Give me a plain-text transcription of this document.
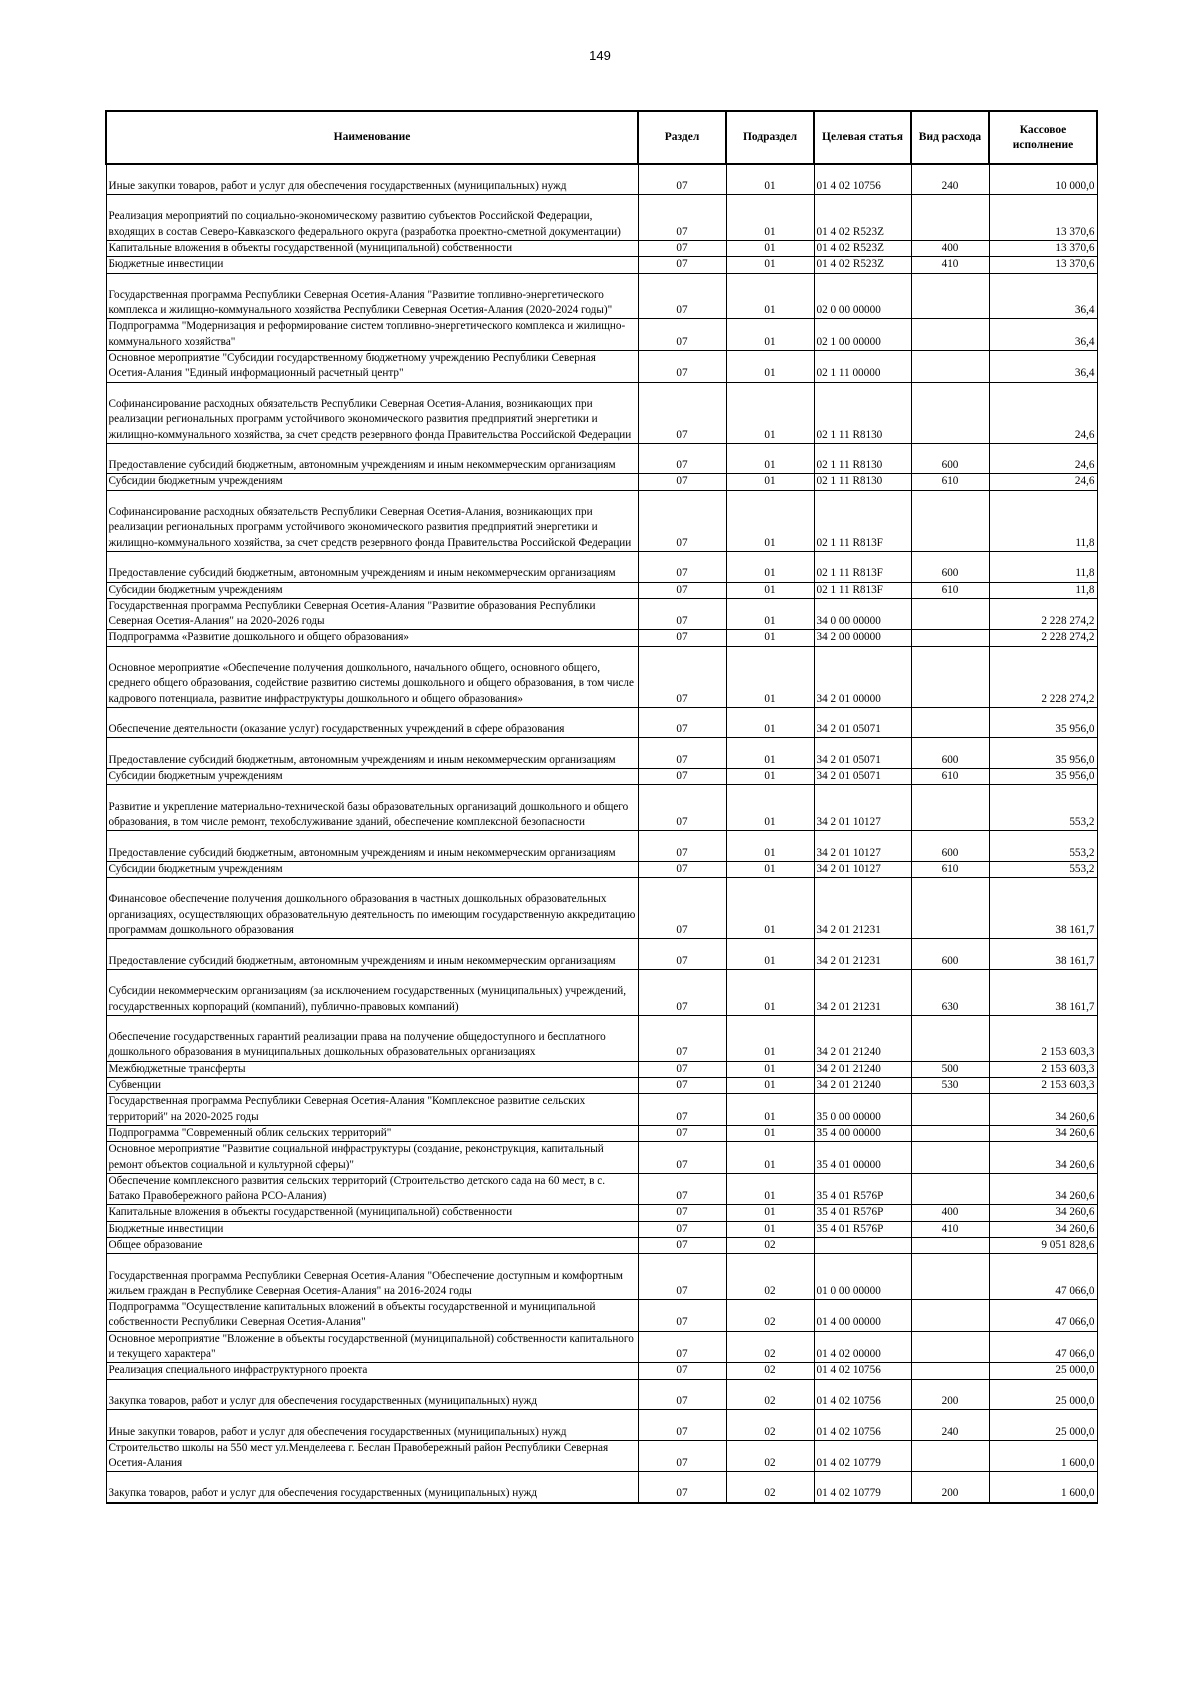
149
Наименование	Раздел	Подраздел	Целевая статья	Вид расхода	Кассовое исполнение
Иные закупки товаров, работ и услуг для обеспечения государственных (муниципальных) нужд	07	01	01 4 02 10756	240	10 000,0
Реализация мероприятий по социально-экономическому развитию субъектов Российской Федерации, входящих в состав Северо-Кавказского федерального округа (разработка проектно-сметной документации)	07	01	01 4 02 R523Z		13 370,6
Капитальные вложения в объекты государственной (муниципальной) собственности	07	01	01 4 02 R523Z	400	13 370,6
Бюджетные инвестиции	07	01	01 4 02 R523Z	410	13 370,6
Государственная программа Республики Северная Осетия-Алания "Развитие топливно-энергетического комплекса и жилищно-коммунального хозяйства Республики Северная Осетия-Алания (2020-2024 годы)"	07	01	02 0 00 00000		36,4
Подпрограмма "Модернизация и реформирование систем топливно-энергетического комплекса и жилищно-коммунального хозяйства"	07	01	02 1 00 00000		36,4
Основное мероприятие "Субсидии государственному бюджетному учреждению Республики Северная Осетия-Алания "Единый информационный расчетный центр"	07	01	02 1 11 00000		36,4
Софинансирование расходных обязательств Республики Северная Осетия-Алания, возникающих при реализации региональных программ устойчивого экономического развития предприятий энергетики и жилищно-коммунального хозяйства, за счет средств резервного фонда Правительства Российской Федерации	07	01	02 1 11 R8130		24,6
Предоставление субсидий бюджетным, автономным учреждениям и иным некоммерческим организациям	07	01	02 1 11 R8130	600	24,6
Субсидии бюджетным учреждениям	07	01	02 1 11 R8130	610	24,6
Софинансирование расходных обязательств Республики Северная Осетия-Алания, возникающих при реализации региональных программ устойчивого экономического развития предприятий энергетики и жилищно-коммунального хозяйства, за счет средств резервного фонда Правительства Российской Федерации	07	01	02 1 11 R813F		11,8
Предоставление субсидий бюджетным, автономным учреждениям и иным некоммерческим организациям	07	01	02 1 11 R813F	600	11,8
Субсидии бюджетным учреждениям	07	01	02 1 11 R813F	610	11,8
Государственная программа Республики Северная Осетия-Алания "Развитие образования Республики Северная Осетия-Алания" на 2020-2026 годы	07	01	34 0 00 00000		2 228 274,2
Подпрограмма «Развитие дошкольного и общего образования»	07	01	34 2 00 00000		2 228 274,2
Основное мероприятие «Обеспечение получения дошкольного, начального общего, основного общего, среднего общего образования, содействие развитию системы дошкольного и общего образования, в том числе кадрового потенциала, развитие инфраструктуры дошкольного и общего образования»	07	01	34 2 01 00000		2 228 274,2
Обеспечение деятельности (оказание услуг) государственных учреждений в сфере образования	07	01	34 2 01 05071		35 956,0
Предоставление субсидий бюджетным, автономным учреждениям и иным некоммерческим организациям	07	01	34 2 01 05071	600	35 956,0
Субсидии бюджетным учреждениям	07	01	34 2 01 05071	610	35 956,0
Развитие и укрепление материально-технической базы образовательных организаций дошкольного и общего образования, в том числе ремонт, техобслуживание зданий, обеспечение комплексной безопасности	07	01	34 2 01 10127		553,2
Предоставление субсидий бюджетным, автономным учреждениям и иным некоммерческим организациям	07	01	34 2 01 10127	600	553,2
Субсидии бюджетным учреждениям	07	01	34 2 01 10127	610	553,2
Финансовое обеспечение получения дошкольного образования в частных дошкольных образовательных организациях, осуществляющих образовательную деятельность по имеющим государственную аккредитацию программам дошкольного образования	07	01	34 2 01 21231		38 161,7
Предоставление субсидий бюджетным, автономным учреждениям и иным некоммерческим организациям	07	01	34 2 01 21231	600	38 161,7
Субсидии некоммерческим организациям (за исключением государственных (муниципальных) учреждений, государственных корпораций (компаний), публично-правовых компаний)	07	01	34 2 01 21231	630	38 161,7
Обеспечение государственных гарантий реализации права на получение общедоступного и бесплатного дошкольного образования в муниципальных дошкольных образовательных организациях	07	01	34 2 01 21240		2 153 603,3
Межбюджетные трансферты	07	01	34 2 01 21240	500	2 153 603,3
Субвенции	07	01	34 2 01 21240	530	2 153 603,3
Государственная программа Республики Северная Осетия-Алания "Комплексное развитие сельских территорий" на 2020-2025 годы	07	01	35 0 00 00000		34 260,6
Подпрограмма "Современный облик сельских территорий"	07	01	35 4 00 00000		34 260,6
Основное мероприятие "Развитие социальной инфраструктуры (создание, реконструкция, капитальный ремонт объектов социальной и культурной сферы)"	07	01	35 4 01 00000		34 260,6
Обеспечение комплексного развития сельских территорий (Строительство детского сада на 60 мест, в с. Батако Правобережного района РСО-Алания)	07	01	35 4 01 R576P		34 260,6
Капитальные вложения в объекты государственной (муниципальной) собственности	07	01	35 4 01 R576P	400	34 260,6
Бюджетные инвестиции	07	01	35 4 01 R576P	410	34 260,6
Общее образование	07	02			9 051 828,6
Государственная программа Республики Северная Осетия-Алания "Обеспечение доступным и комфортным жильем граждан в Республике Северная Осетия-Алания" на 2016-2024 годы	07	02	01 0 00 00000		47 066,0
Подпрограмма "Осуществление капитальных вложений в объекты государственной и муниципальной собственности Республики Северная Осетия-Алания"	07	02	01 4 00 00000		47 066,0
Основное мероприятие "Вложение в объекты государственной (муниципальной) собственности капитального и текущего характера"	07	02	01 4 02 00000		47 066,0
Реализация специального инфраструктурного проекта	07	02	01 4 02 10756		25 000,0
Закупка товаров, работ и услуг для обеспечения государственных (муниципальных) нужд	07	02	01 4 02 10756	200	25 000,0
Иные закупки товаров, работ и услуг для обеспечения государственных (муниципальных) нужд	07	02	01 4 02 10756	240	25 000,0
Строительство школы на 550 мест ул.Менделеева г. Беслан Правобережный район Республики Северная Осетия-Алания	07	02	01 4 02 10779		1 600,0
Закупка товаров, работ и услуг для обеспечения государственных (муниципальных) нужд	07	02	01 4 02 10779	200	1 600,0
